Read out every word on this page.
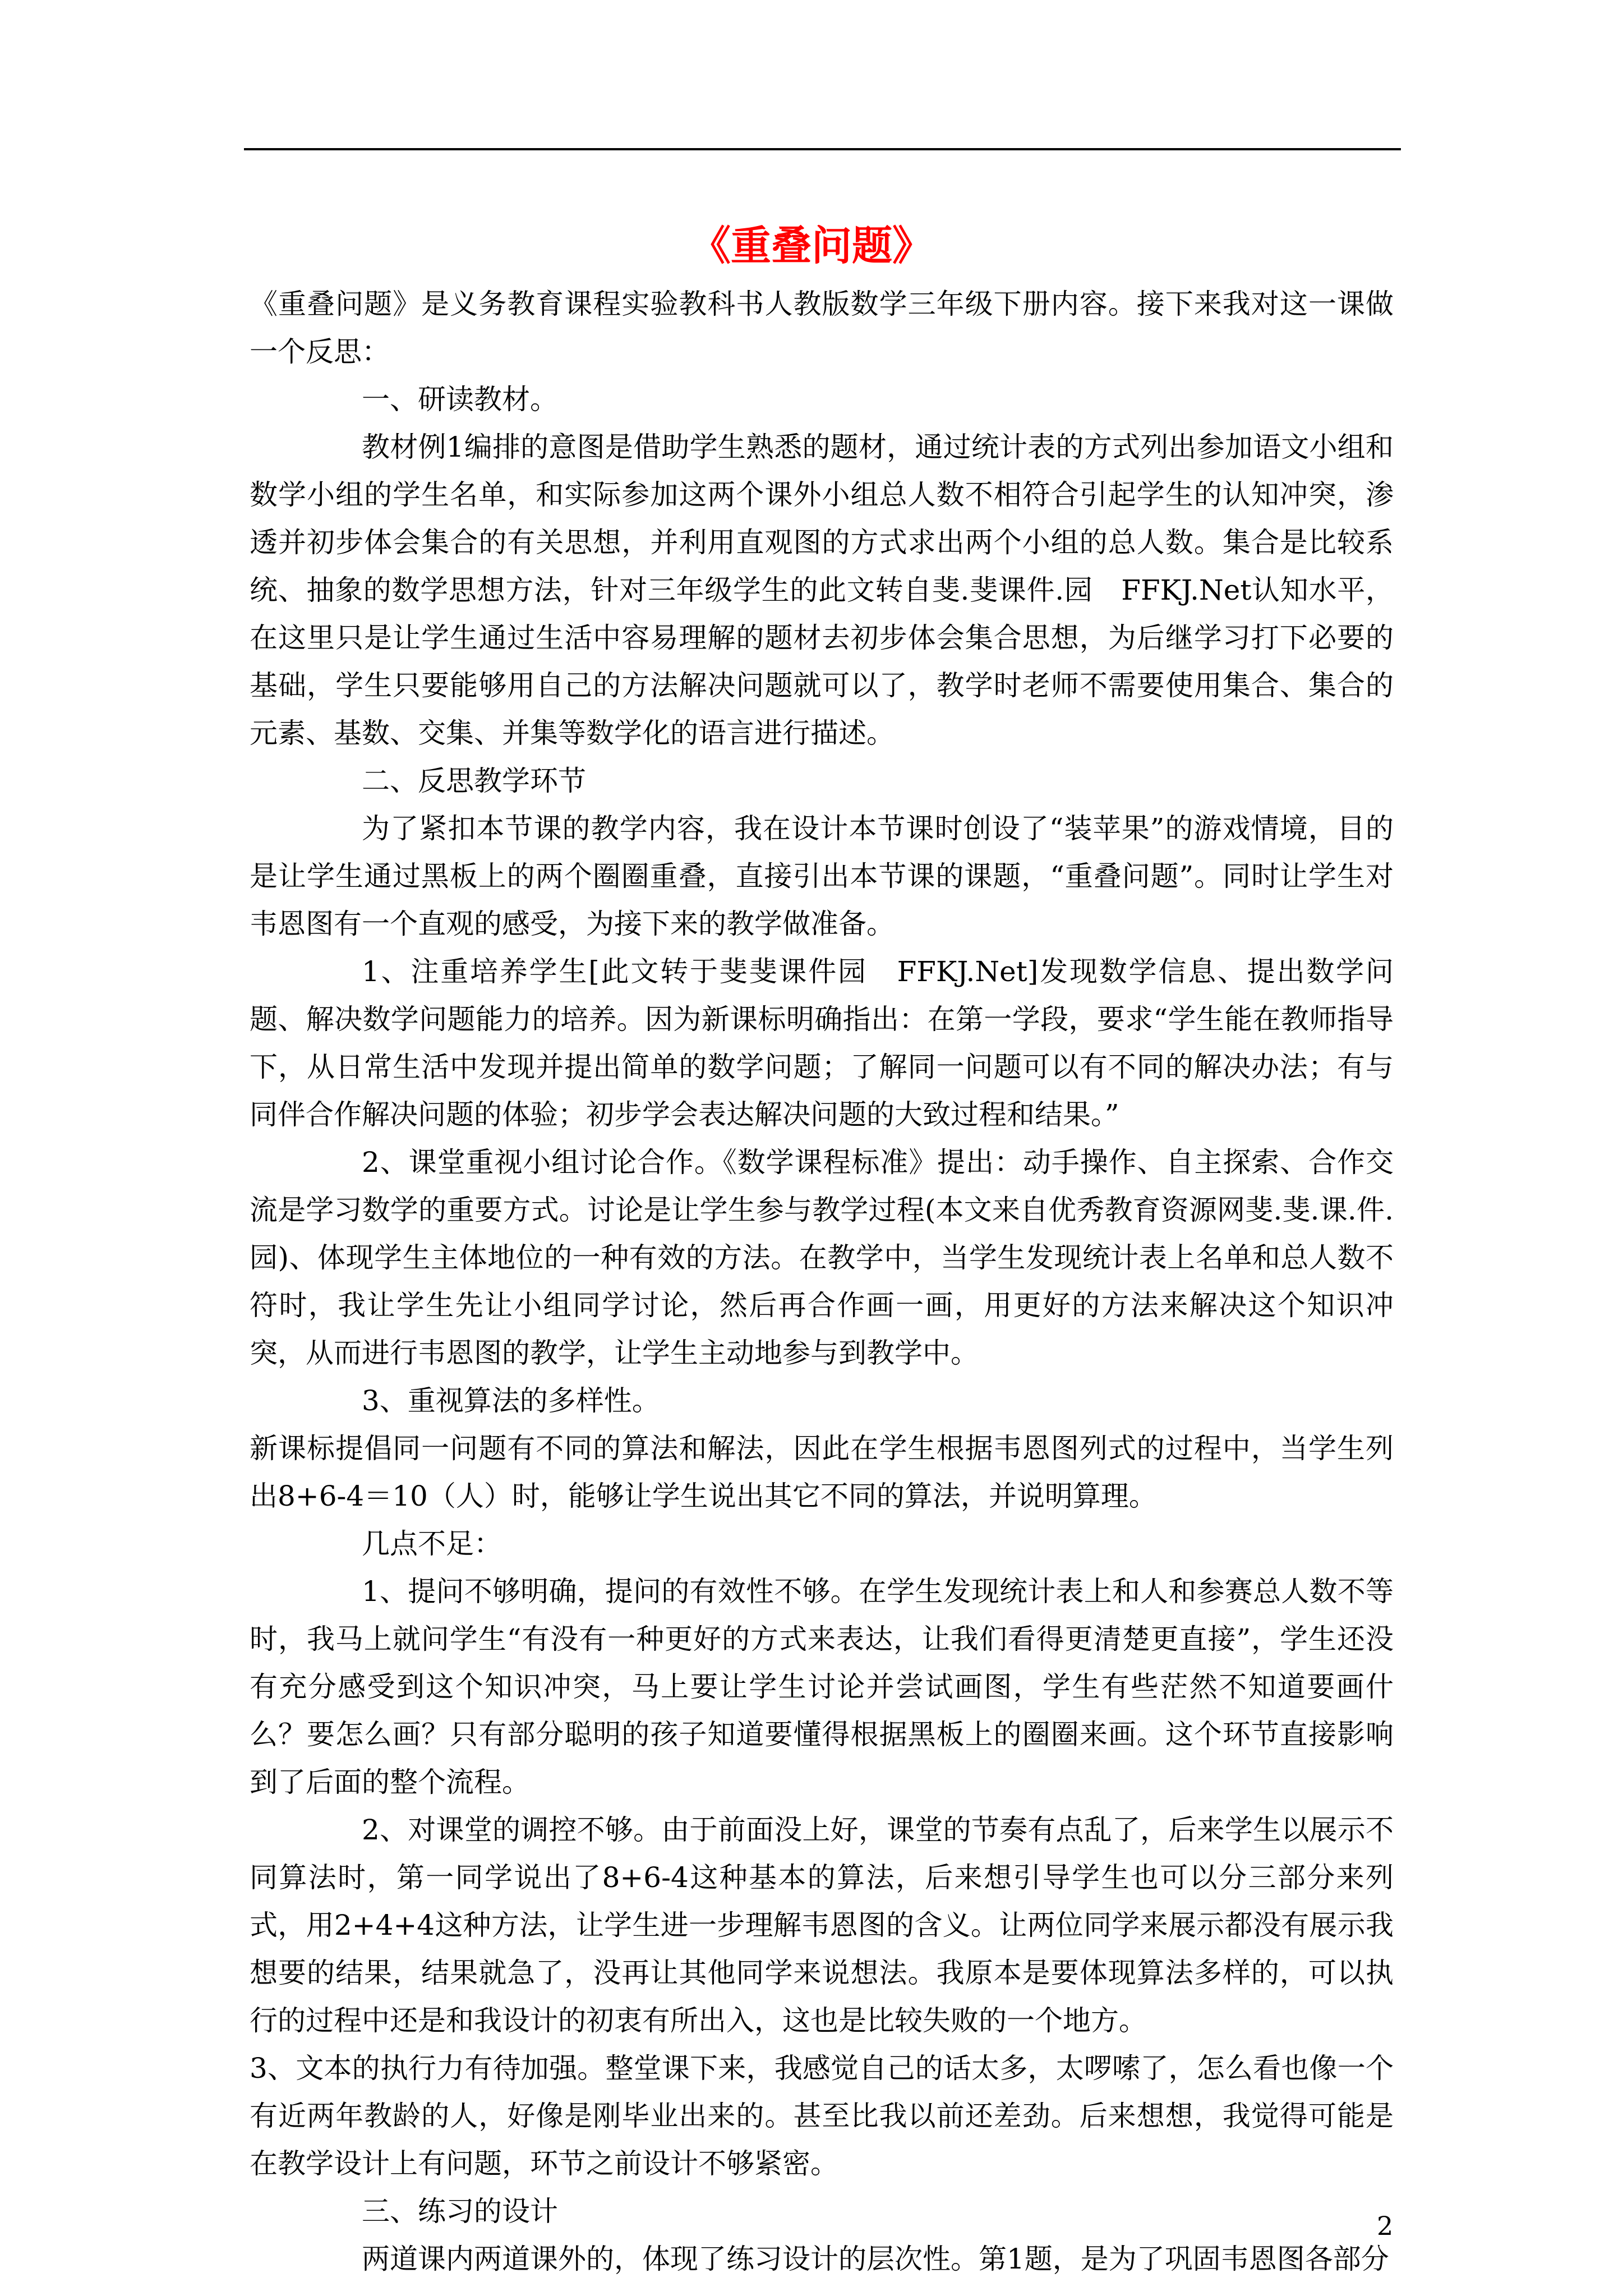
《重叠问题》

《重叠问题》是义务教育课程实验教科书人教版数学三年级下册内容。接下来我对这一课做一个反思：

一、研读教材。

教材例1编排的意图是借助学生熟悉的题材，通过统计表的方式列出参加语文小组和数学小组的学生名单，和实际参加这两个课外小组总人数不相符合引起学生的认知冲突，渗透并初步体会集合的有关思想，并利用直观图的方式求出两个小组的总人数。集合是比较系统、抽象的数学思想方法，针对三年级学生的此文转自斐.斐课件.园　FFKJ.Net认知水平，在这里只是让学生通过生活中容易理解的题材去初步体会集合思想，为后继学习打下必要的基础，学生只要能够用自己的方法解决问题就可以了，教学时老师不需要使用集合、集合的元素、基数、交集、并集等数学化的语言进行描述。

二、反思教学环节

为了紧扣本节课的教学内容，我在设计本节课时创设了“装苹果”的游戏情境，目的是让学生通过黑板上的两个圈圈重叠，直接引出本节课的课题，“重叠问题”。同时让学生对韦恩图有一个直观的感受，为接下来的教学做准备。

1、注重培养学生[此文转于斐斐课件园　FFKJ.Net]发现数学信息、提出数学问题、解决数学问题能力的培养。因为新课标明确指出：在第一学段，要求“学生能在教师指导下，从日常生活中发现并提出简单的数学问题；了解同一问题可以有不同的解决办法；有与同伴合作解决问题的体验；初步学会表达解决问题的大致过程和结果。”

2、课堂重视小组讨论合作。《数学课程标准》提出：动手操作、自主探索、合作交流是学习数学的重要方式。讨论是让学生参与教学过程(本文来自优秀教育资源网斐.斐.课.件.园)、体现学生主体地位的一种有效的方法。在教学中，当学生发现统计表上名单和总人数不符时，我让学生先让小组同学讨论，然后再合作画一画，用更好的方法来解决这个知识冲突，从而进行韦恩图的教学，让学生主动地参与到教学中。

3、重视算法的多样性。

新课标提倡同一问题有不同的算法和解法，因此在学生根据韦恩图列式的过程中，当学生列出8+6-4＝10（人）时，能够让学生说出其它不同的算法，并说明算理。

几点不足：

1、提问不够明确，提问的有效性不够。在学生发现统计表上和人和参赛总人数不等时，我马上就问学生“有没有一种更好的方式来表达，让我们看得更清楚更直接”，学生还没有充分感受到这个知识冲突，马上要让学生讨论并尝试画图，学生有些茫然不知道要画什么？要怎么画？只有部分聪明的孩子知道要懂得根据黑板上的圈圈来画。这个环节直接影响到了后面的整个流程。

2、对课堂的调控不够。由于前面没上好，课堂的节奏有点乱了，后来学生以展示不同算法时，第一同学说出了8+6-4这种基本的算法，后来想引导学生也可以分三部分来列式，用2+4+4这种方法，让学生进一步理解韦恩图的含义。让两位同学来展示都没有展示我想要的结果，结果就急了，没再让其他同学来说想法。我原本是要体现算法多样的，可以执行的过程中还是和我设计的初衷有所出入，这也是比较失败的一个地方。

3、文本的执行力有待加强。整堂课下来，我感觉自己的话太多，太啰嗦了，怎么看也像一个有近两年教龄的人，好像是刚毕业出来的。甚至比我以前还差劲。后来想想，我觉得可能是在教学设计上有问题，环节之前设计不够紧密。

三、练习的设计

两道课内两道课外的，体现了练习设计的层次性。第1题，是为了巩固韦恩图各部分

2
